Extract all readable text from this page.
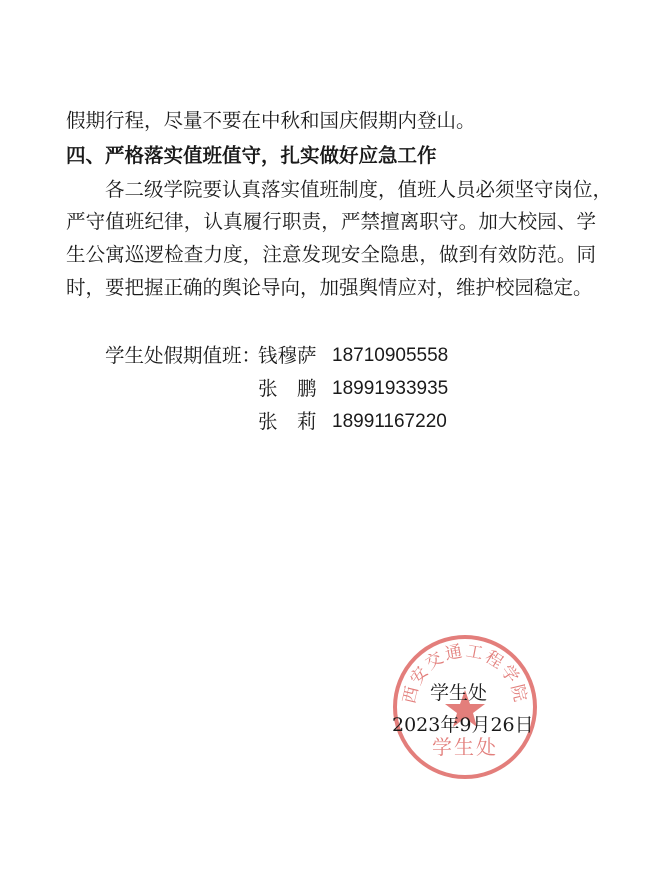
假期行程，尽量不要在中秋和国庆假期内登山。
四、严格落实值班值守，扎实做好应急工作
各二级学院要认真落实值班制度，值班人员必须坚守岗位，
严守值班纪律，认真履行职责，严禁擅离职守。加大校园、学
生公寓巡逻检查力度，注意发现安全隐患，做到有效防范。同
时，要把握正确的舆论导向，加强舆情应对，维护校园稳定。
学生处假期值班：
钱穆萨 18710905558
张　鹏 18991933935
张　莉 18991167220
西安交通工程学院
学生处
学生处
2023年9月26日
